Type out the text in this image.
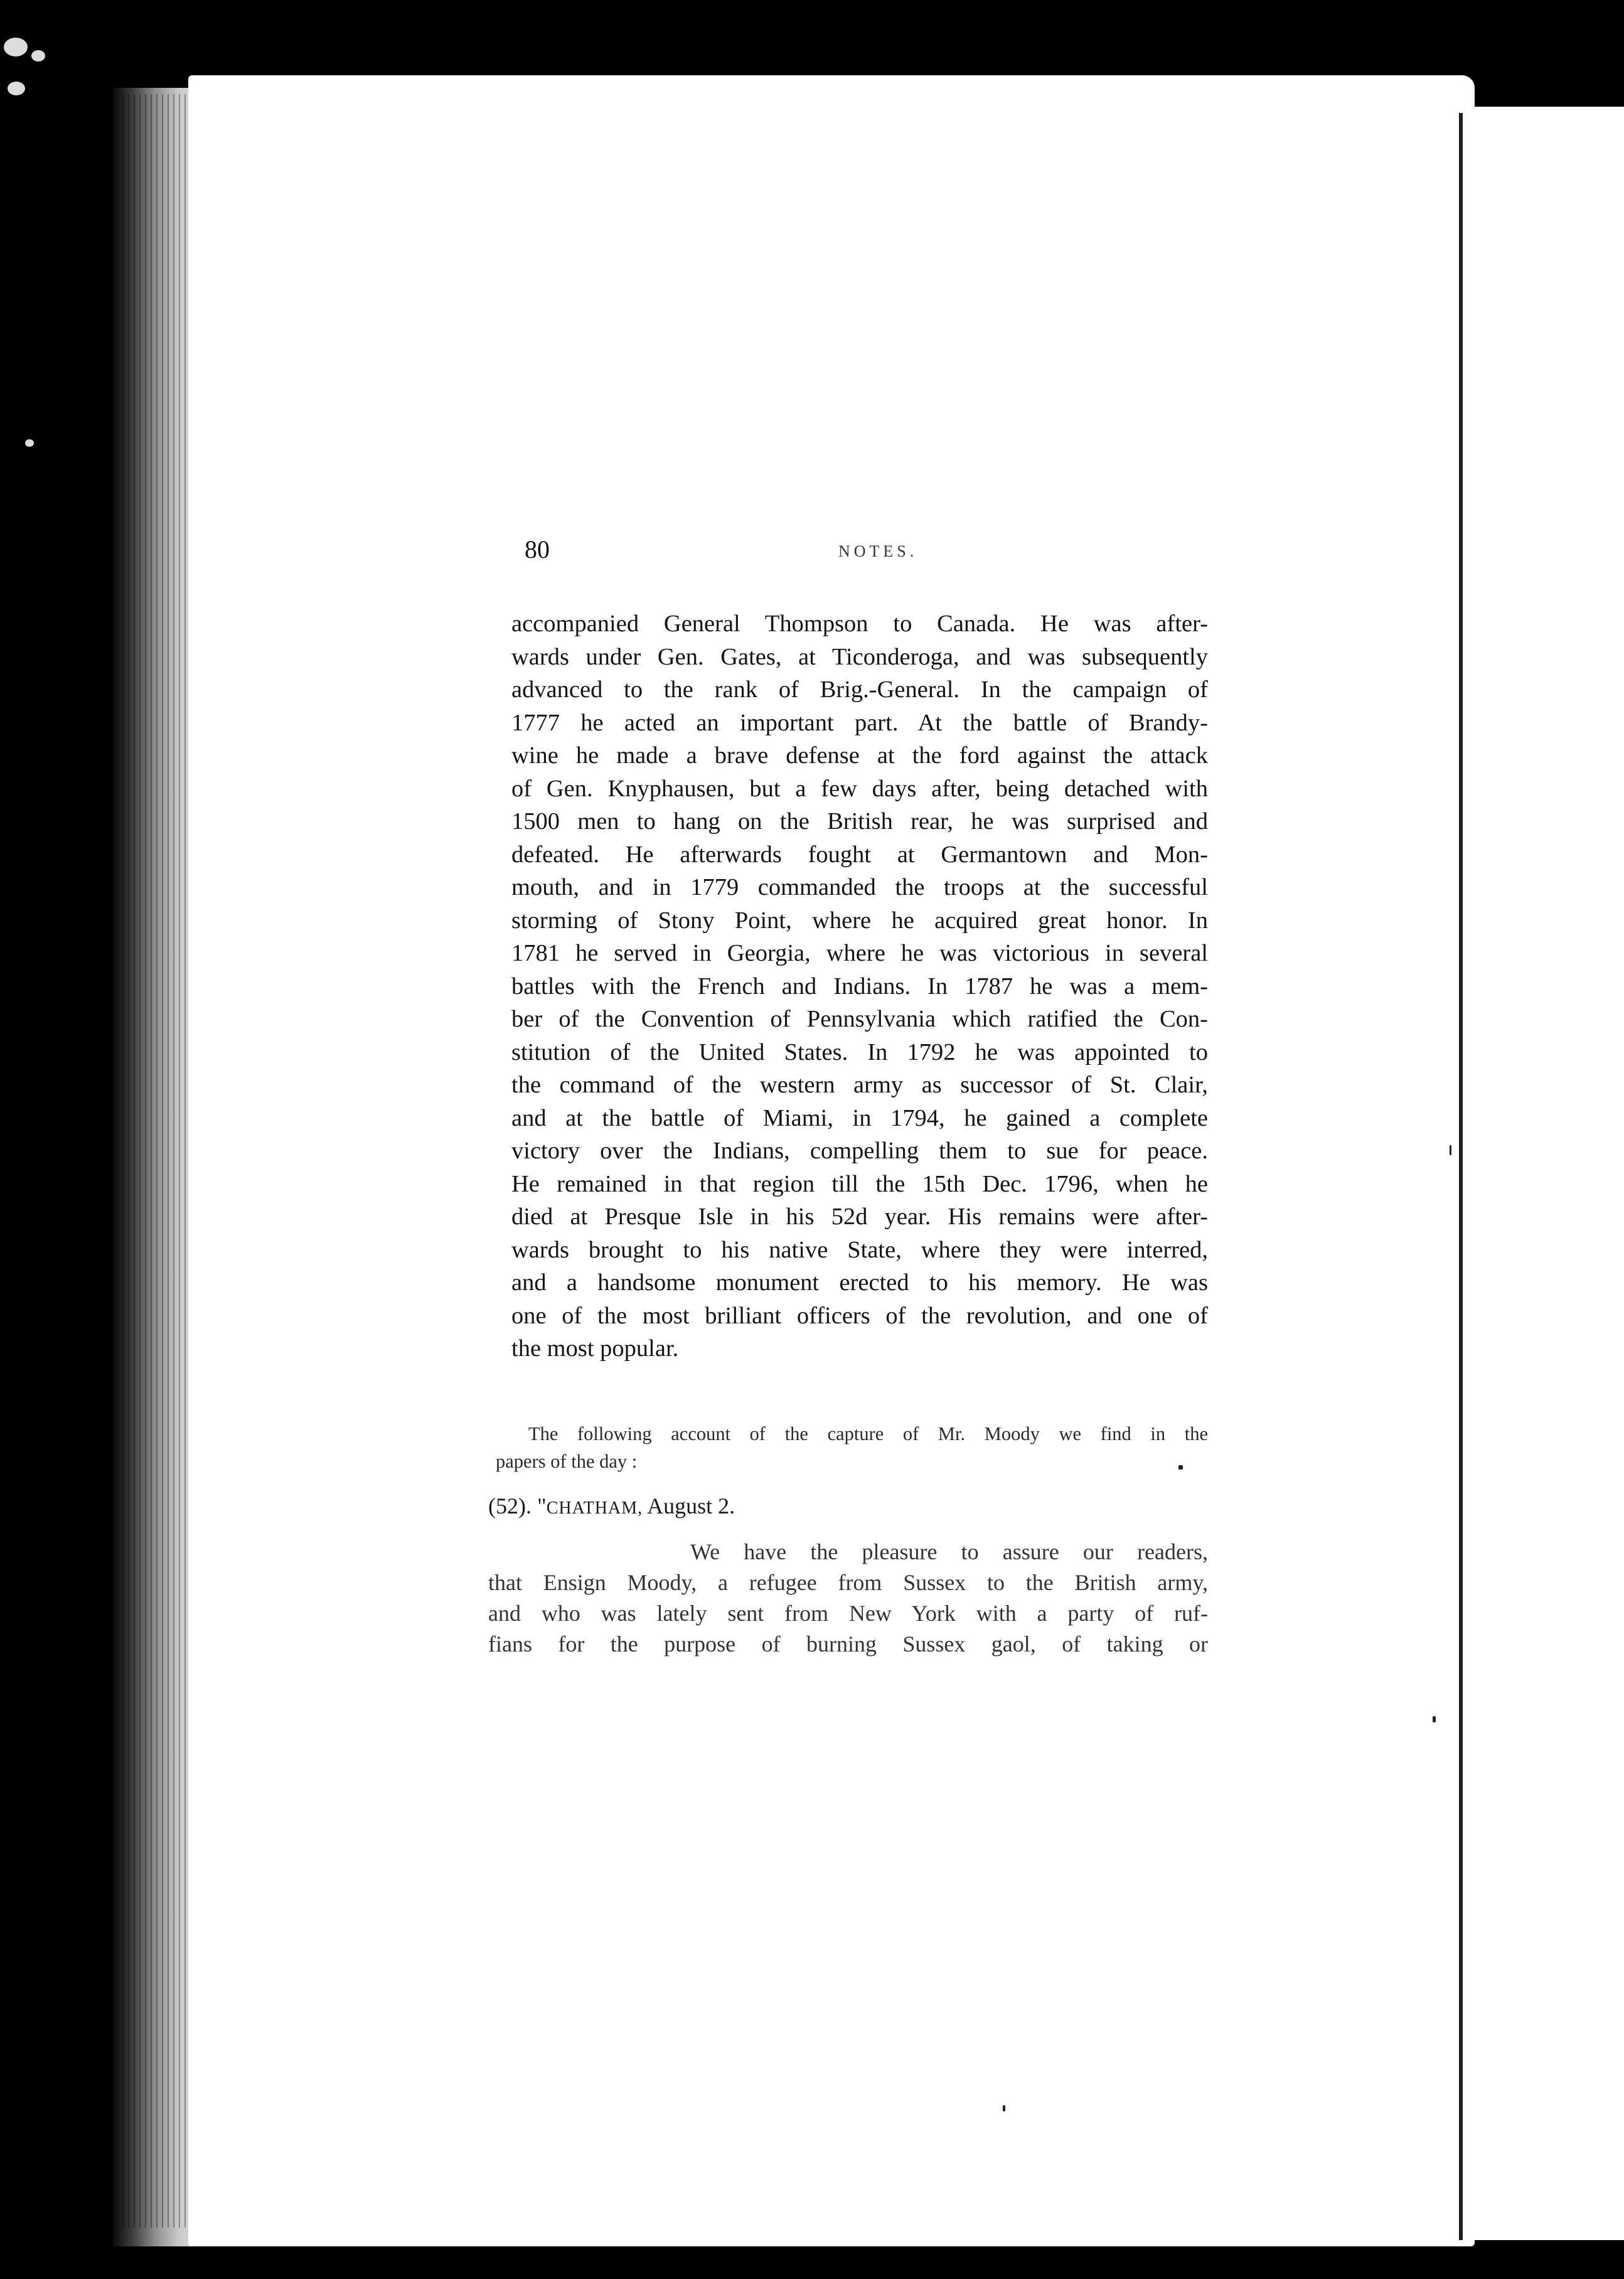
80	NOTES.
accompanied General Thompson to Canada. He was after-
wards under Gen. Gates, at Ticonderoga, and was subsequently
advanced to the rank of Brig.-General. In the campaign of
1777 he acted an important part. At the battle of Brandy-
wine he made a brave defense at the ford against the attack
of Gen. Knyphausen, but a few days after, being detached with
1500 men to hang on the British rear, he was surprised and
defeated. He afterwards fought at Germantown and Mon-
mouth, and in 1779 commanded the troops at the successful
storming of Stony Point, where he acquired great honor. In
1781 he served in Georgia, where he was victorious in several
battles with the French and Indians. In 1787 he was a mem-
ber of the Convention of Pennsylvania which ratified the Con-
stitution of the United States. In 1792 he was appointed to
the command of the western army as successor of St. Clair,
and at the battle of Miami, in 1794, he gained a complete
victory over the Indians, compelling them to sue for peace.
He remained in that region till the 15th Dec. 1796, when he
died at Presque Isle in his 52d year. His remains were after-
wards brought to his native State, where they were interred,
and a handsome monument erected to his memory. He was
one of the most brilliant officers of the revolution, and one of
the most popular.
The following account of the capture of Mr. Moody we find in the
papers of the day :
(52). "CHATHAM, August 2.
We have the pleasure to assure our readers,
that Ensign Moody, a refugee from Sussex to the British army,
and who was lately sent from New York with a party of ruf-
fians for the purpose of burning Sussex gaol, of taking or
